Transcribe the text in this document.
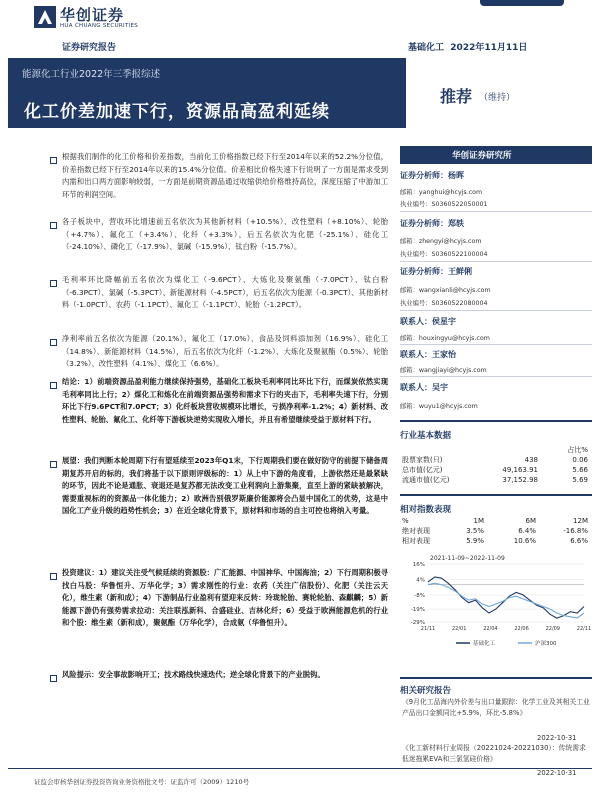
华创证券
HUA CHUANG SECURITIES
证券研究报告	基础化工 2022年11月11日
能源化工行业2022年三季报综述
化工价差加速下行，资源品高盈利延续
推荐 （维持）
根据我们制作的化工价格和价差指数，当前化工价格指数已经下行至2014年以来的52.2%分位值，价差指数已经下行至2014年以来的15.4%分位值。价差相比价格失速下行说明了一方面是需求受到内需和出口两方面影响较弱，一方面是前期资源品通过收缩供给价格维持高位，深度压缩了中游加工环节的利润空间。
各子板块中，营收环比增速前五名依次为其他新材料（+10.5%）、改性塑料（+8.10%）、轮胎（+4.7%）、氟化工（+3.4%）、化纤（+3.3%），后五名依次为化肥（-25.1%）、硅化工（-24.10%）、磷化工（-17.9%）、氯碱（-15.9%）、钛白粉（-15.7%）。
毛利率环比降幅前五名依次为煤化工（-9.6PCT）、大炼化及聚氨酯（-7.0PCT）、钛白粉（-6.3PCT）、氯碱（-5.3PCT）、新能源材料（-4.5PCT），后五名依次为能源（-0.3PCT）、其他新材料（-1.0PCT）、农药（-1.1PCT）、氟化工（-1.1PCT）、轮胎（-1.2PCT）。
净利率前五名依次为能源（20.1%）、氟化工（17.0%）、食品及饲料添加剂（16.9%）、硅化工（14.8%）、新能源材料（14.5%），后五名依次为化纤（-1.2%）、大炼化及聚氨酯（0.5%）、轮胎（3.2%）、改性塑料（4.1%）、煤化工（6.6%）。
结论：1）前端资源品盈利能力继续保持强势，基础化工板块毛利率同比环比下行，而煤炭依然实现毛利率同比上行；2）煤化工和炼化在前端资源品强势和需求下行的夹击下，毛利率失速下行，分别环比下行9.6PCT和7.0PCT；3）化纤板块营收规模环比增长，亏损净利率-1.2%；4）新材料、改性塑料、轮胎、氟化工、化纤等下游板块逆势实现收入增长，并且有希望继续受益于原材料下行。
展望：我们判断本轮周期下行有望延续至2023年Q1末，下行周期我们要在做好防守的前提下储备周期复苏开启的标的，我们将基于以下原则评级标的：1）从上中下游的角度看，上游依然还是最紧缺的环节，因此不论是通胀、衰退还是复苏都无法改变工业利润向上游集聚，直至上游的紧缺被解决，需要重视标的的资源品一体化能力；2）欧洲告别俄罗斯廉价能源将会凸显中国化工的优势，这是中国化工产业升级的趋势性机会；3）在近全球化背景下，原材料和市场的自主可控也将纳入考量。
投资建议：1）建议关注受气候延续的资源股：广汇能源、中国神华、中国海油；2）下行周期积极寻找白马股：华鲁恒升、万华化学；3）需求刚性的行业：农药（关注广信股份）、化肥（关注云天化），维生素（新和成）；4）下游制品行业盈利有望迎来反转：玲珑轮胎、赛轮轮胎、森麒麟；5）新能源下游仍有强势需求拉动：关注联泓新科、合盛硅业、吉林化纤；6）受益于欧洲能源危机的行业和个股：维生素（新和成），聚氨酯（万华化学），合成氨（华鲁恒升）。
风险提示：安全事故影响开工；技术路线快速迭代；逆全球化背景下的产业脱钩。
华创证券研究所
证券分析师：杨晖
邮箱：yanghui@hcyjs.com
执业编号：S0360522050001
证券分析师：郑轶
邮箱：zhengyi@hcyjs.com
执业编号：S0360522100004
证券分析师：王鲜俐
邮箱：wangxianli@hcyjs.com
执业编号：S0360522080004
联系人：侯星宇
邮箱：houxingyu@hcyjs.com
联系人：王家怡
邮箱：wangjiayi@hcyjs.com
联系人：吴宇
邮箱：wuyu1@hcyjs.com
行业基本数据
		占比%
股票家数(只)	438	0.06
总市值(亿元)	49,163.91	5.66
流通市值(亿元)	37,152.98	5.69
相对指数表现
%	1M	6M	12M
绝对表现	3.5%	6.4%	-16.8%
相对表现	5.9%	10.6%	6.6%
2021-11-09~2022-11-09
16%
4%
-8%
-19%
-29%
21/11	22/01	22/04	22/06	22/09	22/11
基础化工	沪深300
相关研究报告
《9月化工品海内外价差与出口量跟踪：化学工业及其相关工业产品出口金额同比+5.9%，环比-5.8%》
2022-10-31
《化工新材料行业周报（20221024-20221030）：传统需求低迷拖累EVA和三氯氢硅价格》
证监会审核华创证券投资咨询业务资格批文号：证监许可（2009）1210号
2022-10-31
